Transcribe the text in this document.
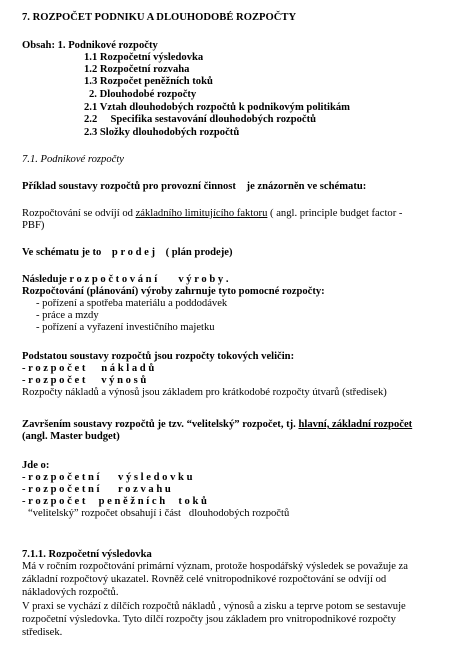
7. ROZPOČET PODNIKU A DLOUHODOBÉ ROZPOČTY
Obsah: 1. Podnikové rozpočty
1.1 Rozpočetní výsledovka
1.2 Rozpočetní rozvaha
1.3 Rozpočet peněžních toků
2. Dlouhodobé rozpočty
2.1 Vztah dlouhodobých rozpočtů k podnikovým politikám
2.2     Specifika sestavování dlouhodobých rozpočtů
2.3 Složky dlouhodobých rozpočtů
7.1. Podnikové rozpočty
Příklad soustavy rozpočtů pro provozní činnost    je znázorněn ve schématu:
Rozpočtování se odvíjí od základního limitujícího faktoru ( angl. principle budget factor -
PBF)
Ve schématu je to    p r o d e j    ( plán prodeje)
Následuje r o z p o č t o v á n í        v ý r o b y .
Rozpočtování (plánování) výroby zahrnuje tyto pomocné rozpočty:
- pořízení a spotřeba materiálu a poddodávek
- práce a mzdy
- pořízení a vyřazení investičního majetku
Podstatou soustavy rozpočtů jsou rozpočty tokových veličin:
- r o z p o č e t      n á k l a d ů
- r o z p o č e t      v ý n o s ů
Rozpočty nákladů a výnosů jsou základem pro krátkodobé rozpočty útvarů (středisek)
Završením soustavy rozpočtů je tzv. “velitelský” rozpočet, tj. hlavní, základní rozpočet
(angl. Master budget)
Jde o:
- r o z p o č e t n í       v ý s l e d o v k u
- r o z p o č e t n í       r o z v a h u
- r o z p o č e t     p e n ě ž n í c h     t o k ů
“velitelský” rozpočet obsahují i část   dlouhodobých rozpočtů
7.1.1. Rozpočetní výsledovka
Má v ročním rozpočtování primární význam, protože hospodářský výsledek se považuje za
základní rozpočtový ukazatel. Rovněž celé vnitropodnikové rozpočtování se odvíjí od
nákladových rozpočtů.
V praxi se vychází z dílčích rozpočtů nákladů , výnosů a zisku a teprve potom se sestavuje
rozpočetní výsledovka. Tyto dílčí rozpočty jsou základem pro vnitropodnikové rozpočty
středisek.
